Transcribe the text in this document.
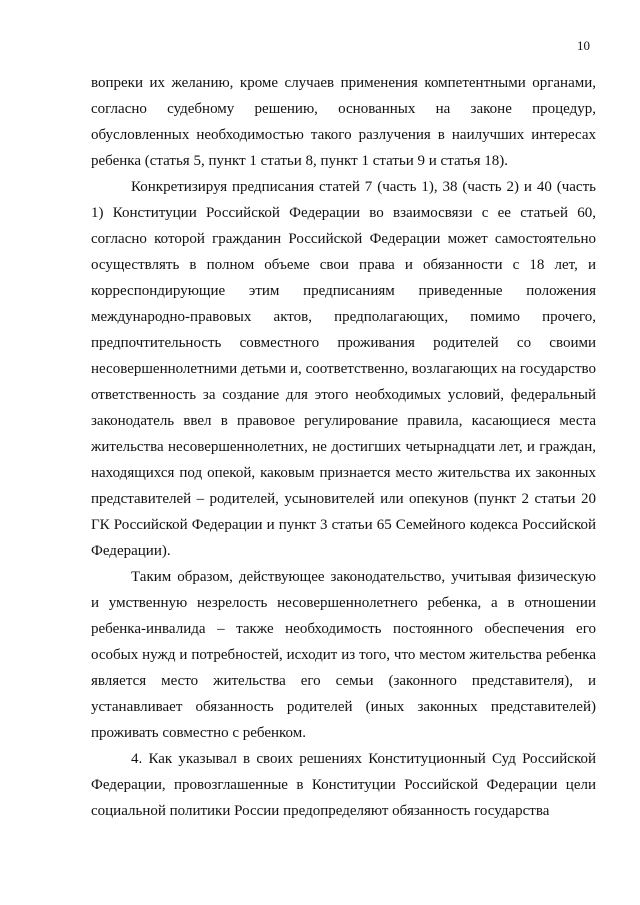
10

вопреки их желанию, кроме случаев применения компетентными органами, согласно судебному решению, основанных на законе процедур, обусловленных необходимостью такого разлучения в наилучших интересах ребенка (статья 5, пункт 1 статьи 8, пункт 1 статьи 9 и статья 18).

Конкретизируя предписания статей 7 (часть 1), 38 (часть 2) и 40 (часть 1) Конституции Российской Федерации во взаимосвязи с ее статьей 60, согласно которой гражданин Российской Федерации может самостоятельно осуществлять в полном объеме свои права и обязанности с 18 лет, и корреспондирующие этим предписаниям приведенные положения международно-правовых актов, предполагающих, помимо прочего, предпочтительность совместного проживания родителей со своими несовершеннолетними детьми и, соответственно, возлагающих на государство ответственность за создание для этого необходимых условий, федеральный законодатель ввел в правовое регулирование правила, касающиеся места жительства несовершеннолетних, не достигших четырнадцати лет, и граждан, находящихся под опекой, каковым признается место жительства их законных представителей – родителей, усыновителей или опекунов (пункт 2 статьи 20 ГК Российской Федерации и пункт 3 статьи 65 Семейного кодекса Российской Федерации).

Таким образом, действующее законодательство, учитывая физическую и умственную незрелость несовершеннолетнего ребенка, а в отношении ребенка-инвалида – также необходимость постоянного обеспечения его особых нужд и потребностей, исходит из того, что местом жительства ребенка является место жительства его семьи (законного представителя), и устанавливает обязанность родителей (иных законных представителей) проживать совместно с ребенком.

4. Как указывал в своих решениях Конституционный Суд Российской Федерации, провозглашенные в Конституции Российской Федерации цели социальной политики России предопределяют обязанность государства
